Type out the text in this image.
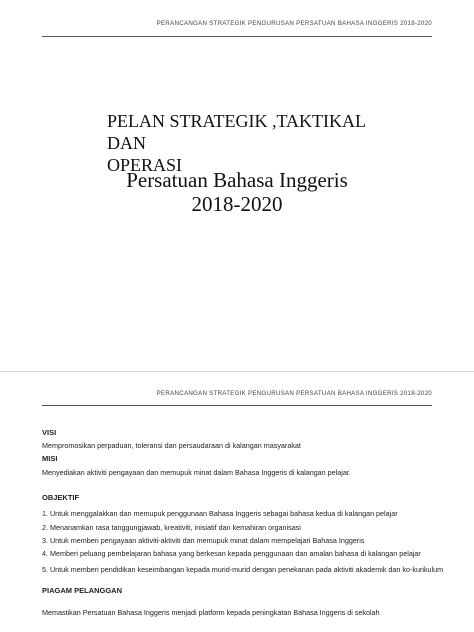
PERANCANGAN STRATEGIK PENGURUSAN PERSATUAN BAHASA INGGERIS 2018-2020
PELAN STRATEGIK ,TAKTIKAL DAN
OPERASI
Persatuan Bahasa Inggeris
2018-2020
PERANCANGAN STRATEGIK PENGURUSAN PERSATUAN BAHASA INGGERIS 2018-2020
VISI
Mempromosikan perpaduan, toleransi dan persaudaraan di kalangan masyarakat
MISI
Menyediakan aktiviti pengayaan dan memupuk minat dalam Bahasa Inggeris di kalangan pelajar.
OBJEKTIF
1. Untuk menggalakkan dan memupuk penggunaan Bahasa Inggeris sebagai bahasa kedua di kalangan pelajar
2. Menanamkan rasa tanggungjawab, kreativiti, inisiatif dan kemahiran organisasi
3. Untuk memberi pengayaan aktiviti-aktiviti dan memupuk minat dalam mempelajari Bahasa Inggeris
4. Memberi peluang pembelajaran bahasa yang berkesan kepada penggunaan dan amalan bahasa di kalangan pelajar
5. Untuk memberi pendidikan keseimbangan kepada murid-murid dengan penekanan pada aktiviti akademik dan ko-kurikulum
PIAGAM PELANGGAN
Memastikan Persatuan Bahasa Inggeris menjadi platform kepada peningkatan Bahasa Inggeris di sekolah
